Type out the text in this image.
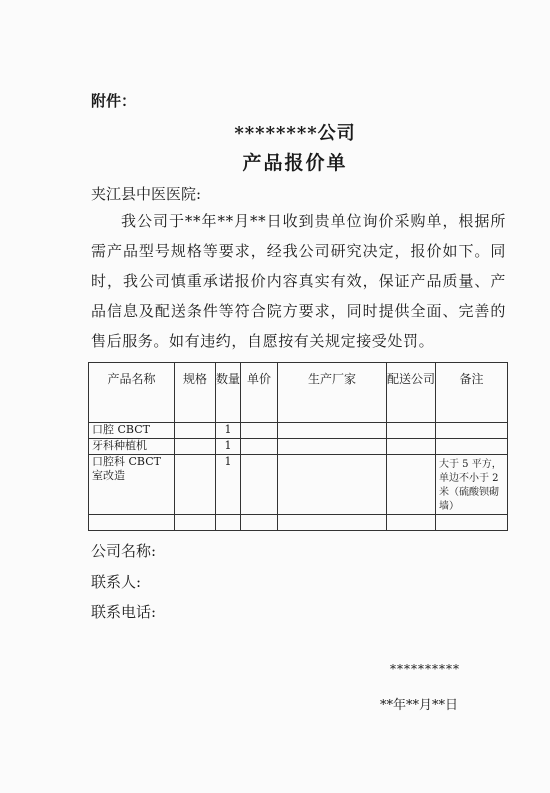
附件：
********公司
产品报价单
夹江县中医医院:
我公司于**年**月**日收到贵单位询价采购单，根据所需产品型号规格等要求，经我公司研究决定，报价如下。同时，我公司慎重承诺报价内容真实有效，保证产品质量、产品信息及配送条件等符合院方要求，同时提供全面、完善的售后服务。如有违约，自愿按有关规定接受处罚。
产品名称	规格	数量	单价	生产厂家	配送公司	备注
口腔 CBCT		1				
牙科种植机		1				
口腔科 CBCT 室改造		1				大于 5 平方，单边不小于 2 米（硫酸钡砌墙）

公司名称:
联系人:
联系电话:
**********
**年**月**日
